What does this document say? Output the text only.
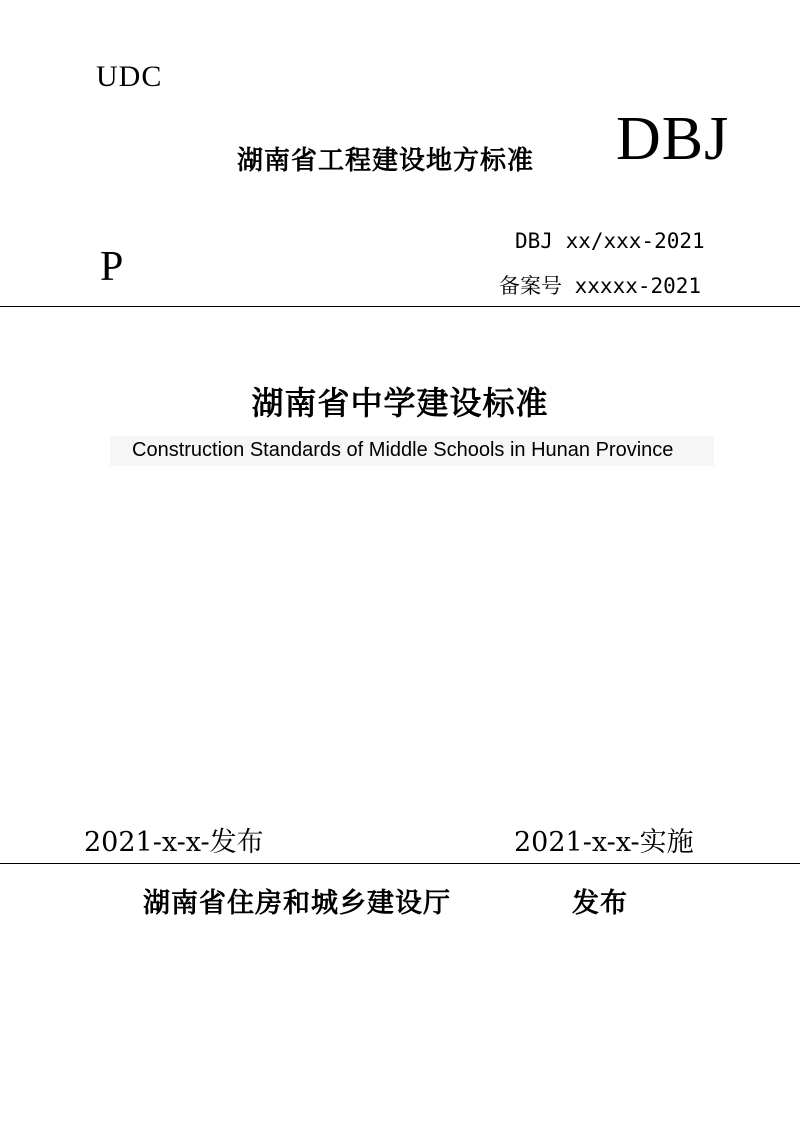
UDC
湖南省工程建设地方标准 DBJ
P
DBJ xx/xxx-2021
备案号 xxxxx-2021
湖南省中学建设标准
Construction Standards of Middle Schools in Hunan Province
2021-x-x-发布	2021-x-x-实施
湖南省住房和城乡建设厅	发布
